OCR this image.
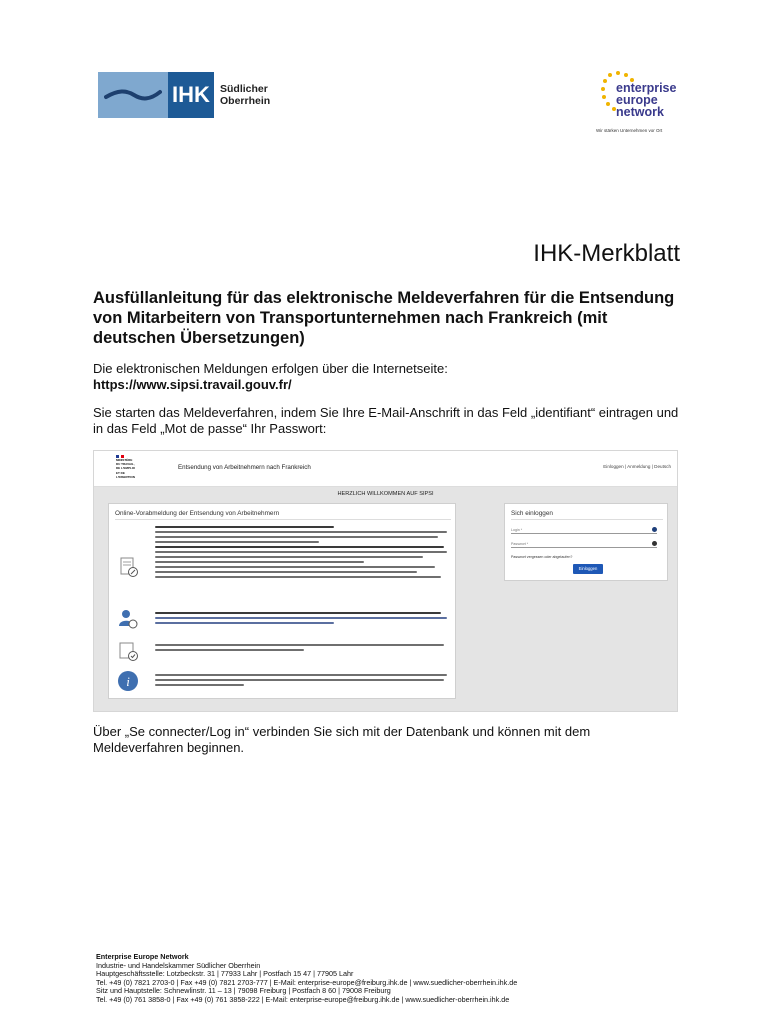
IHK Südlicher
Oberrhein
enterprise
europe
network
Wir stärken Unternehmen vor Ort
IHK-Merkblatt
Ausfüllanleitung für das elektronische Meldeverfahren für die Entsendung von Mitarbeitern von Transportunternehmen nach Frankreich (mit deutschen Übersetzungen)
Die elektronischen Meldungen erfolgen über die Internetseite:
https://www.sipsi.travail.gouv.fr/
Sie starten das Meldeverfahren, indem Sie Ihre E-Mail-Anschrift in das Feld „identifiant“ eintragen und in das Feld „Mot de passe“ Ihr Passwort:
MINISTÈRE
DU TRAVAIL,
DE L'EMPLOI
ET DE
L'INSERTION
Entsendung von Arbeitnehmern nach Frankreich	Einloggen | Anmeldung | Deutsch
HERZLICH WILLKOMMEN AUF SIPSI
Online-Vorabmeldung der Entsendung von Arbeitnehmern
i
Sich einloggen
Login *
Passwort *
Passwort vergessen oder abgelaufen?
Einloggen
Über „Se connecter/Log in“ verbinden Sie sich mit der Datenbank und können mit dem Meldeverfahren beginnen.
Enterprise Europe Network
Industrie- und Handelskammer Südlicher Oberrhein
Hauptgeschäftsstelle: Lotzbeckstr. 31 | 77933 Lahr | Postfach 15 47 | 77905 Lahr
Tel. +49 (0) 7821 2703-0 | Fax +49 (0) 7821 2703-777 | E-Mail: enterprise-europe@freiburg.ihk.de | www.suedlicher-oberrhein.ihk.de
Sitz und Hauptstelle: Schnewlinstr. 11 – 13 | 79098 Freiburg | Postfach 8 60 | 79008 Freiburg
Tel. +49 (0) 761 3858-0 | Fax +49 (0) 761 3858-222 | E-Mail: enterprise-europe@freiburg.ihk.de | www.suedlicher-oberrhein.ihk.de
